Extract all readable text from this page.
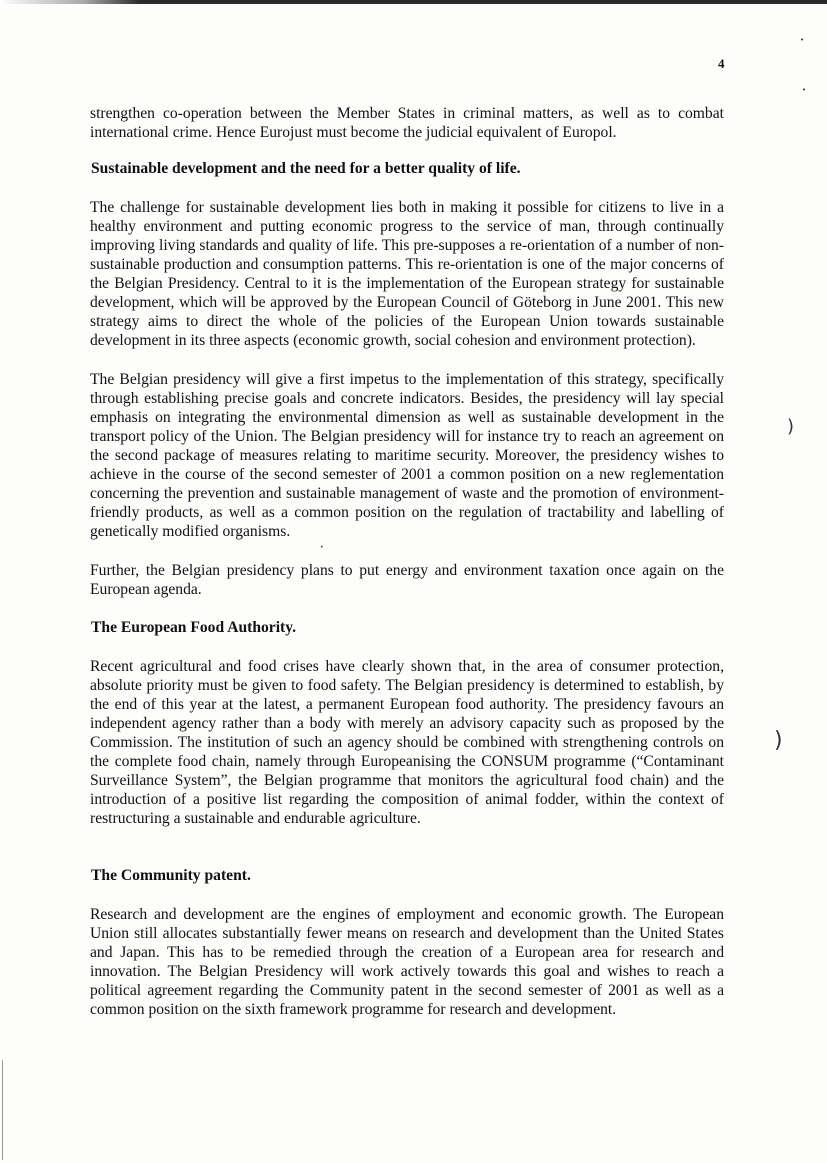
•
•
)
)
•
4

strengthen co-operation between the Member States in criminal matters, as well as to combat international crime. Hence Eurojust must become the judicial equivalent of Europol.

Sustainable development and the need for a better quality of life.

The challenge for sustainable development lies both in making it possible for citizens to live in a healthy environment and putting economic progress to the service of man, through continually improving living standards and quality of life. This pre-supposes a re-orientation of a number of non-sustainable production and consumption patterns. This re-orientation is one of the major concerns of the Belgian Presidency. Central to it is the implementation of the European strategy for sustainable development, which will be approved by the European Council of Göteborg in June 2001. This new strategy aims to direct the whole of the policies of the European Union towards sustainable development in its three aspects (economic growth, social cohesion and environment protection).

The Belgian presidency will give a first impetus to the implementation of this strategy, specifically through establishing precise goals and concrete indicators. Besides, the presidency will lay special emphasis on integrating the environmental dimension as well as sustainable development in the transport policy of the Union. The Belgian presidency will for instance try to reach an agreement on the second package of measures relating to maritime security. Moreover, the presidency wishes to achieve in the course of the second semester of 2001 a common position on a new reglementation concerning the prevention and sustainable management of waste and the promotion of environment-friendly products, as well as a common position on the regulation of tractability and labelling of genetically modified organisms.

Further, the Belgian presidency plans to put energy and environment taxation once again on the European agenda.

The European Food Authority.

Recent agricultural and food crises have clearly shown that, in the area of consumer protection, absolute priority must be given to food safety. The Belgian presidency is determined to establish, by the end of this year at the latest, a permanent European food authority. The presidency favours an independent agency rather than a body with merely an advisory capacity such as proposed by the Commission. The institution of such an agency should be combined with strengthening controls on the complete food chain, namely through Europeanising the CONSUM programme (“Contaminant Surveillance System”, the Belgian programme that monitors the agricultural food chain) and the introduction of a positive list regarding the composition of animal fodder, within the context of restructuring a sustainable and endurable agriculture.

The Community patent.

Research and development are the engines of employment and economic growth. The European Union still allocates substantially fewer means on research and development than the United States and Japan. This has to be remedied through the creation of a European area for research and innovation. The Belgian Presidency will work actively towards this goal and wishes to reach a political agreement regarding the Community patent in the second semester of 2001 as well as a common position on the sixth framework programme for research and development.
